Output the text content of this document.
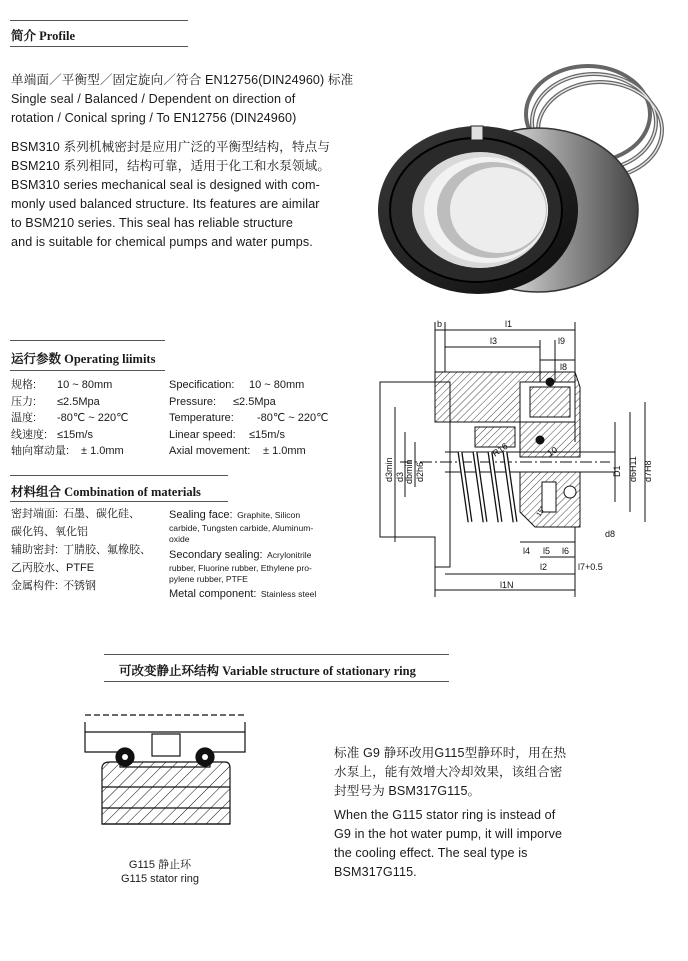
简介 Profile
单端面／平衡型／固定旋向／符合 EN12756(DIN24960) 标准
Single seal / Balanced / Dependent on direction of
rotation / Conical spring / To EN12756 (DIN24960)
BSM310 系列机械密封是应用广泛的平衡型结构，特点与
BSM210 系列相同，结构可靠，适用于化工和水泵领域。
BSM310 series mechanical seal is designed with com-
monly used balanced structure. Its features are aimilar
to BSM210 series. This seal has reliable structure
and is suitable for chemical pumps and water pumps.
运行参数 Operating liimits
规格: 10 ~ 80mm
压力: ≤2.5Mpa
温度: -80℃ ~ 220℃
线速度: ≤15m/s
轴向窜动量: ± 1.0mm
Specification: 10 ~ 80mm
Pressure: ≤2.5Mpa
Temperature: -80℃ ~ 220℃
Linear speed: ≤15m/s
Axial movement: ± 1.0mm
材料组合 Combination of materials
密封端面: 石墨、碳化硅、
碳化钨、氧化铝
辅助密封: 丁腈胶、氟橡胶、
乙丙胶水、PTFE
金属构件: 不锈钢
Sealing face: Graphite, Silicon
carbide, Tungsten carbide, Aluminum-
oxide
Secondary sealing: Acrylonitrile
rubber, Fluorine rubber, Ethylene pro-
pylene rubber, PTFE
Metal component: Stainless steel
b	l1
l3	l9
l8
d3min d3 dbmin d2h6
R16	10
D1 d6H11 d7H8
15°
l5 l6
l4
d8
l2	l7+0.5
l1N
可改变静止环结构 Variable structure of stationary ring
G115 静止环
G115 stator ring
标准 G9 静环改用G115型静环时，用在热
水泵上，能有效增大冷却效果，该组合密
封型号为 BSM317G115。
When the G115 stator ring is instead of
G9 in the hot water pump, it will imporve
the cooling effect. The seal type is
BSM317G115.
